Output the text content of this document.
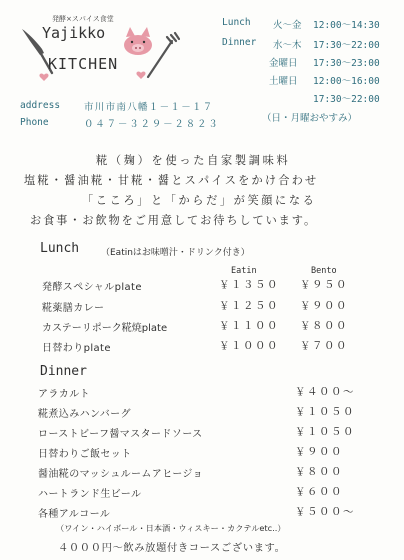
発酵×スパイス食堂
Yajikko
KITCHEN
Lunch 火～金 12:00～14:30
Dinner 水～木 17:30～22:00
金曜日 17:30～23:00
土曜日 12:00～16:00
17:30～22:00
（日・月曜おやすみ）
address	市川市南八幡１－１－１７
Phone	０４７－３２９－２８２３
糀（麹）を使った自家製調味料
塩糀・醤油糀・甘糀・醤とスパイスをかけ合わせ
「こころ」と「からだ」が笑顔になる
お食事・お飲物をご用意してお待ちしています。
Lunch （Eatinはお味噌汁・ドリンク付き）
Eatin	Bento
発酵スペシャルplate	￥１３５０ ￥９５０
糀薬膳カレー	￥１２５０ ￥９００
カステーリポーク糀焼plate	￥１１００ ￥８００
日替わりplate	￥１０００ ￥７００
Dinner
アラカルト	￥４００～
糀煮込みハンバーグ	￥１０５０
ローストビーフ醤マスタードソース	￥１０５０
日替わりご飯セット	￥９００
醤油糀のマッシュルームアヒージョ	￥８００
ハートランド生ビール	￥６００
各種アルコール	￥５００～
（ワイン・ハイボール・日本酒・ウィスキー・カクテルetc..）
４０００円～飲み放題付きコースございます。
